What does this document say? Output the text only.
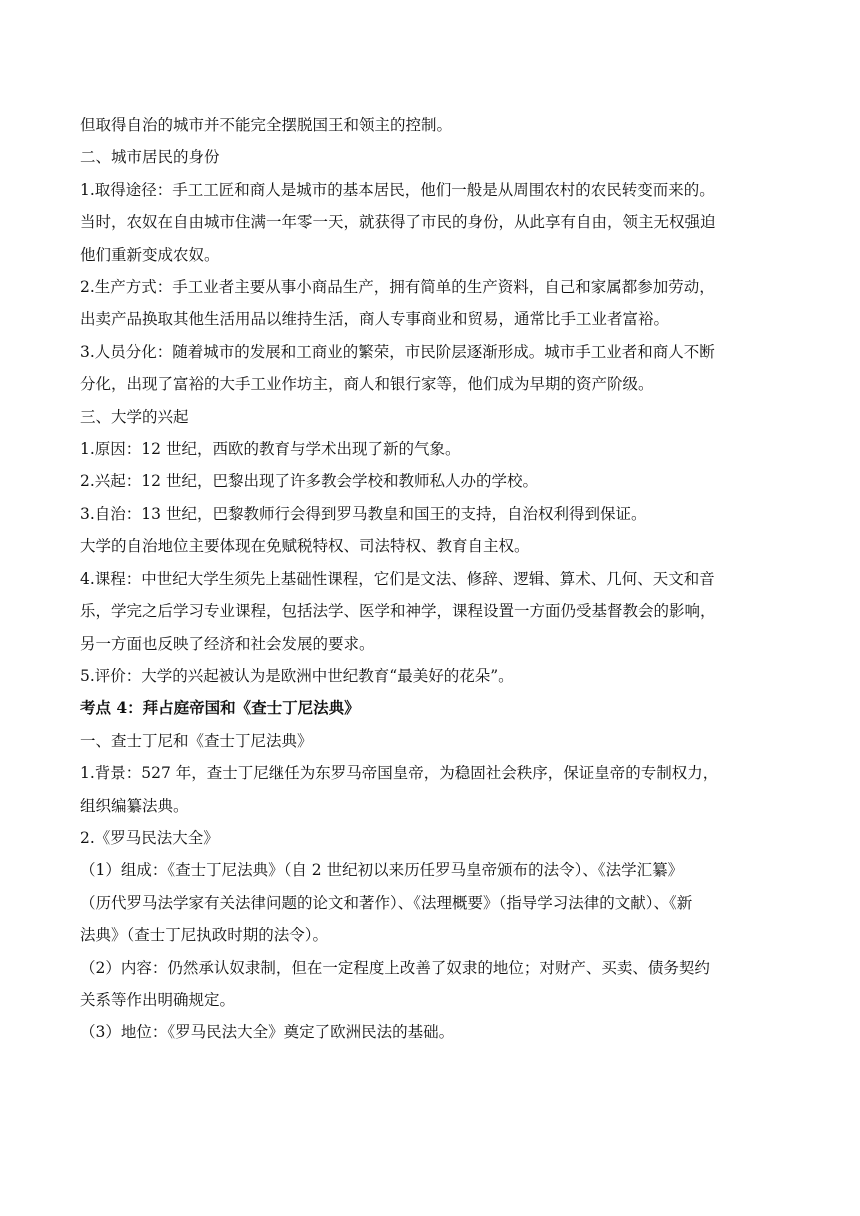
但取得自治的城市并不能完全摆脱国王和领主的控制。

二、城市居民的身份

1.取得途径：手工工匠和商人是城市的基本居民，他们一般是从周围农村的农民转变而来的。

当时，农奴在自由城市住满一年零一天，就获得了市民的身份，从此享有自由，领主无权强迫

他们重新变成农奴。

2.生产方式：手工业者主要从事小商品生产，拥有简单的生产资料，自己和家属都参加劳动，

出卖产品换取其他生活用品以维持生活，商人专事商业和贸易，通常比手工业者富裕。

3.人员分化：随着城市的发展和工商业的繁荣，市民阶层逐渐形成。城市手工业者和商人不断

分化，出现了富裕的大手工业作坊主，商人和银行家等，他们成为早期的资产阶级。

三、大学的兴起

1.原因：12 世纪，西欧的教育与学术出现了新的气象。

2.兴起：12 世纪，巴黎出现了许多教会学校和教师私人办的学校。

3.自治：13 世纪，巴黎教师行会得到罗马教皇和国王的支持，自治权利得到保证。

大学的自治地位主要体现在免赋税特权、司法特权、教育自主权。

4.课程：中世纪大学生须先上基础性课程，它们是文法、修辞、逻辑、算术、几何、天文和音

乐，学完之后学习专业课程，包括法学、医学和神学，课程设置一方面仍受基督教会的影响，

另一方面也反映了经济和社会发展的要求。

5.评价：大学的兴起被认为是欧洲中世纪教育“最美好的花朵”。

考点 4：拜占庭帝国和《查士丁尼法典》

一、查士丁尼和《查士丁尼法典》

1.背景：527 年，查士丁尼继任为东罗马帝国皇帝，为稳固社会秩序，保证皇帝的专制权力，

组织编纂法典。

2.《罗马民法大全》

（1）组成：《查士丁尼法典》（自 2 世纪初以来历任罗马皇帝颁布的法令）、《法学汇纂》

（历代罗马法学家有关法律问题的论文和著作）、《法理概要》（指导学习法律的文献）、《新

法典》（查士丁尼执政时期的法令）。

（2）内容：仍然承认奴隶制，但在一定程度上改善了奴隶的地位；对财产、买卖、债务契约

关系等作出明确规定。

（3）地位：《罗马民法大全》奠定了欧洲民法的基础。
